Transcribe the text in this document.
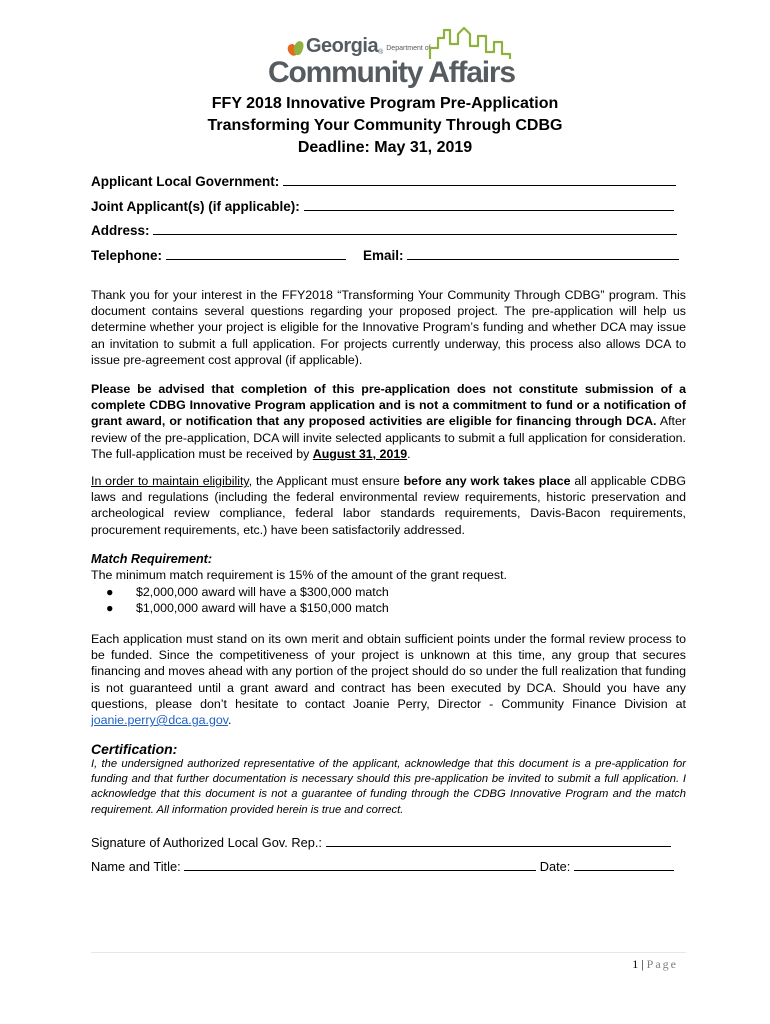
Georgia ®
Department of
Community Affairs
FFY 2018 Innovative Program Pre-Application
Transforming Your Community Through CDBG
Deadline: May 31, 2019
Applicant Local Government:
Joint Applicant(s) (if applicable):
Address:
Telephone:	Email:
Thank you for your interest in the FFY2018 “Transforming Your Community Through CDBG” program. This document contains several questions regarding your proposed project. The pre-application will help us determine whether your project is eligible for the Innovative Program’s funding and whether DCA may issue an invitation to submit a full application. For projects currently underway, this process also allows DCA to issue pre-agreement cost approval (if applicable).
Please be advised that completion of this pre-application does not constitute submission of a complete CDBG Innovative Program application and is not a commitment to fund or a notification of grant award, or notification that any proposed activities are eligible for financing through DCA. After review of the pre-application, DCA will invite selected applicants to submit a full application for consideration. The full-application must be received by August 31, 2019.
In order to maintain eligibility, the Applicant must ensure before any work takes place all applicable CDBG laws and regulations (including the federal environmental review requirements, historic preservation and archeological review compliance, federal labor standards requirements, Davis-Bacon requirements, procurement requirements, etc.) have been satisfactorily addressed.
Match Requirement:
The minimum match requirement is 15% of the amount of the grant request.
● $2,000,000 award will have a $300,000 match
● $1,000,000 award will have a $150,000 match
Each application must stand on its own merit and obtain sufficient points under the formal review process to be funded. Since the competitiveness of your project is unknown at this time, any group that secures financing and moves ahead with any portion of the project should do so under the full realization that funding is not guaranteed until a grant award and contract has been executed by DCA. Should you have any questions, please don’t hesitate to contact Joanie Perry, Director - Community Finance Division at joanie.perry@dca.ga.gov.
Certification:
I, the undersigned authorized representative of the applicant, acknowledge that this document is a pre-application for funding and that further documentation is necessary should this pre-application be invited to submit a full application. I acknowledge that this document is not a guarantee of funding through the CDBG Innovative Program and the match requirement. All information provided herein is true and correct.
Signature of Authorized Local Gov. Rep.:
Name and Title:	Date:
1 | Page
